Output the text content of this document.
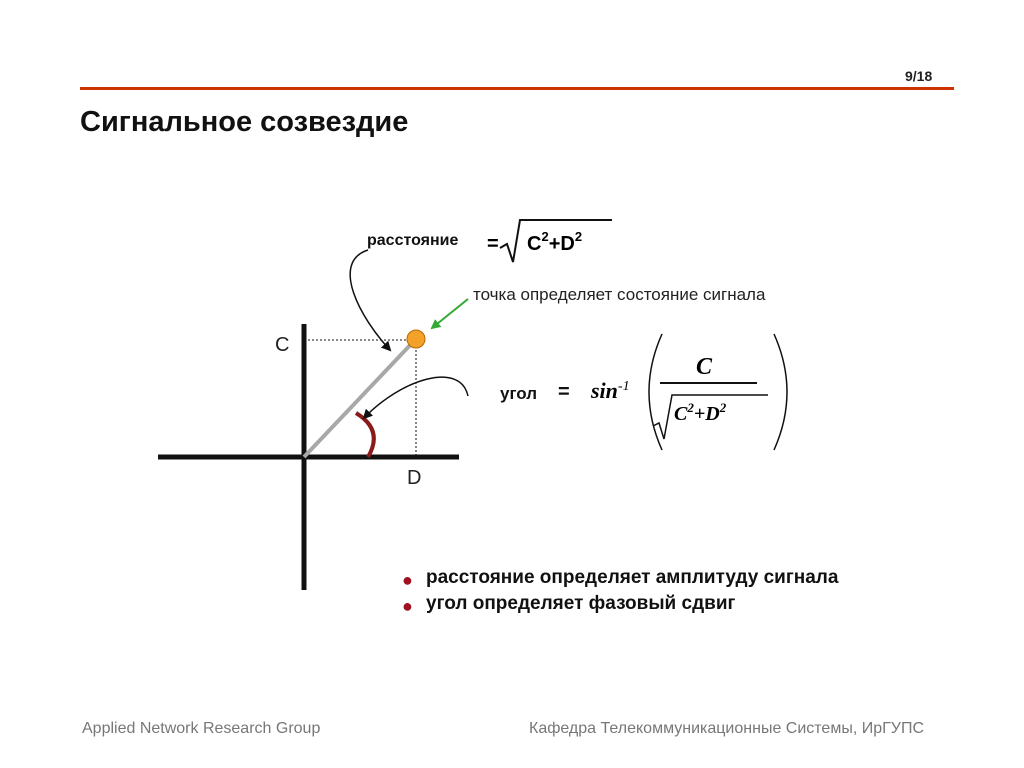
9/18
Сигнальное созвездие
= $C^2+D^2$
$\sin^{-1}$
C
$C^2+D^2$
C
D
расстояние
точка определяет состояние сигнала
угол =
● расстояние определяет амплитуду сигнала
● угол определяет фазовый сдвиг
Applied Network Research Group	Кафедра Телекоммуникационные Системы, ИрГУПС
